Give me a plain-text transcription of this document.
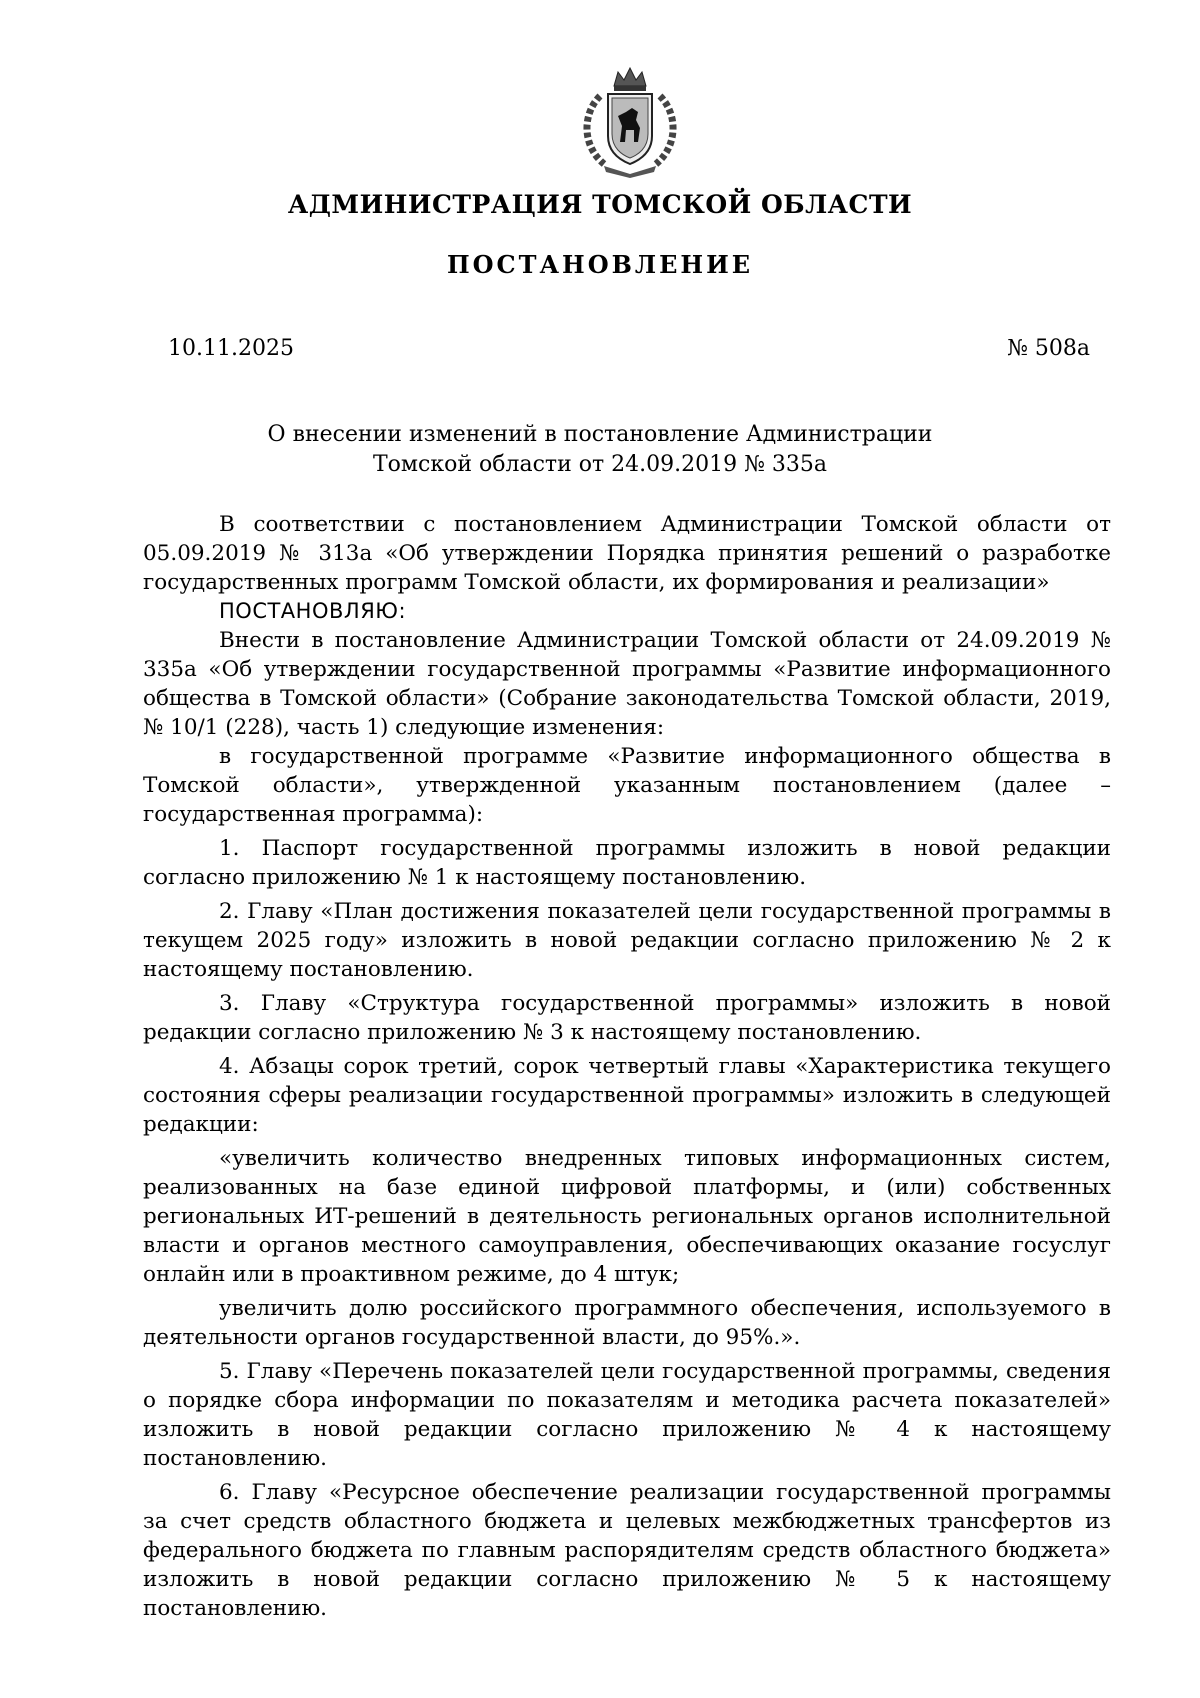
АДМИНИСТРАЦИЯ ТОМСКОЙ ОБЛАСТИ
ПОСТАНОВЛЕНИЕ
10.11.2025	№ 508а
О внесении изменений в постановление Администрации
Томской области от 24.09.2019 № 335а

В соответствии с постановлением Администрации Томской области от 05.09.2019 № 313а «Об утверждении Порядка принятия решений о разработке государственных программ Томской области, их формирования и реализации»

ПОСТАНОВЛЯЮ:

Внести в постановление Администрации Томской области от 24.09.2019 № 335а «Об утверждении государственной программы «Развитие информационного общества в Томской области» (Собрание законодательства Томской области, 2019, № 10/1 (228), часть 1) следующие изменения:

в государственной программе «Развитие информационного общества в Томской области», утвержденной указанным постановлением (далее – государственная программа):

1. Паспорт государственной программы изложить в новой редакции согласно приложению № 1 к настоящему постановлению.

2. Главу «План достижения показателей цели государственной программы в текущем 2025 году» изложить в новой редакции согласно приложению № 2 к настоящему постановлению.

3. Главу «Структура государственной программы» изложить в новой редакции согласно приложению № 3 к настоящему постановлению.

4. Абзацы сорок третий, сорок четвертый главы «Характеристика текущего состояния сферы реализации государственной программы» изложить в следующей редакции:

«увеличить количество внедренных типовых информационных систем, реализованных на базе единой цифровой платформы, и (или) собственных региональных ИТ-решений в деятельность региональных органов исполнительной власти и органов местного самоуправления, обеспечивающих оказание госуслуг онлайн или в проактивном режиме, до 4 штук;

увеличить долю российского программного обеспечения, используемого в деятельности органов государственной власти, до 95%.».

5. Главу «Перечень показателей цели государственной программы, сведения о порядке сбора информации по показателям и методика расчета показателей» изложить в новой редакции согласно приложению № 4 к настоящему постановлению.

6. Главу «Ресурсное обеспечение реализации государственной программы за счет средств областного бюджета и целевых межбюджетных трансфертов из федерального бюджета по главным распорядителям средств областного бюджета» изложить в новой редакции согласно приложению № 5 к настоящему постановлению.
